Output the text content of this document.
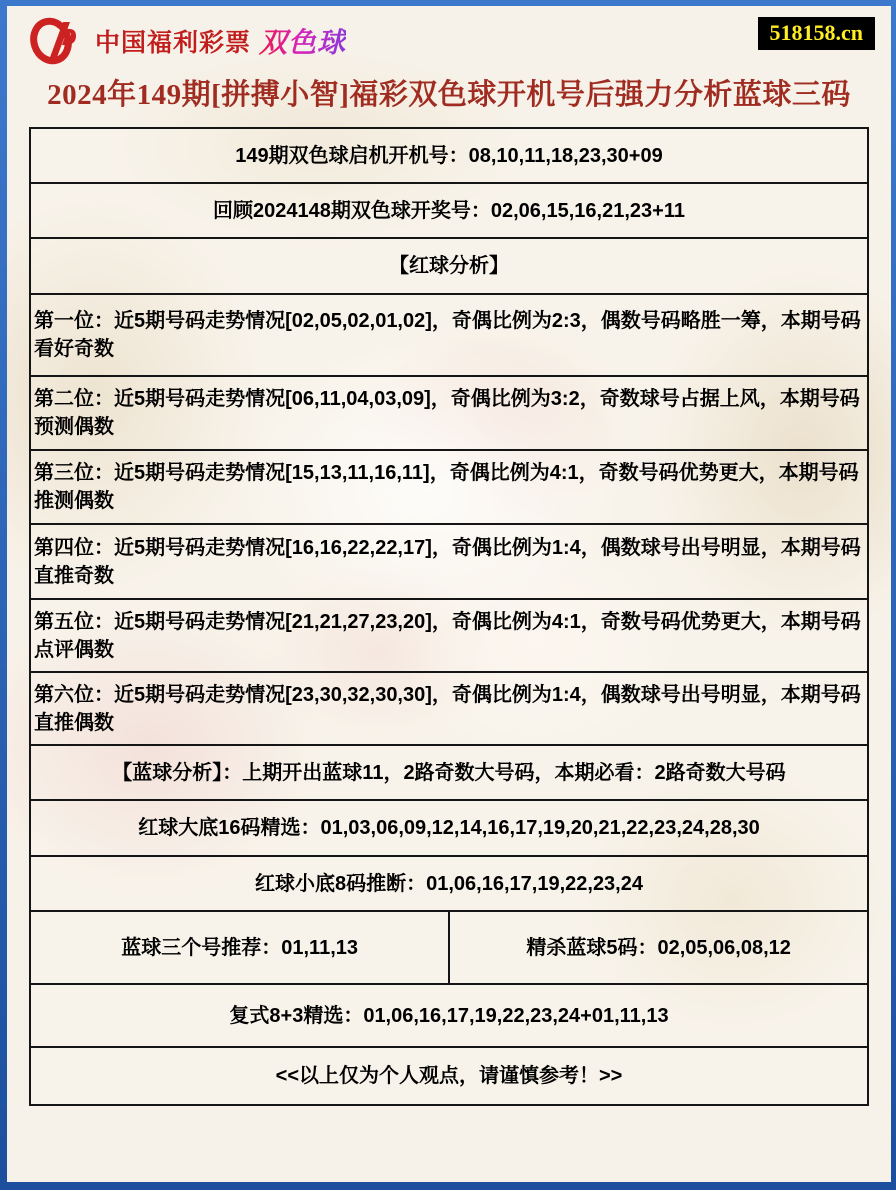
中国福利彩票 双色球	518158.cn
2024年149期[拼搏小智]福彩双色球开机号后强力分析蓝球三码
149期双色球启机开机号：08,10,11,18,23,30+09
回顾2024148期双色球开奖号：02,06,15,16,21,23+11
【红球分析】
第一位：近5期号码走势情况[02,05,02,01,02]，奇偶比例为2:3，偶数号码略胜一筹，本期号码看好奇数
第二位：近5期号码走势情况[06,11,04,03,09]，奇偶比例为3:2，奇数球号占据上风，本期号码预测偶数
第三位：近5期号码走势情况[15,13,11,16,11]，奇偶比例为4:1，奇数号码优势更大，本期号码推测偶数
第四位：近5期号码走势情况[16,16,22,22,17]，奇偶比例为1:4，偶数球号出号明显，本期号码直推奇数
第五位：近5期号码走势情况[21,21,27,23,20]，奇偶比例为4:1，奇数号码优势更大，本期号码点评偶数
第六位：近5期号码走势情况[23,30,32,30,30]，奇偶比例为1:4，偶数球号出号明显，本期号码直推偶数
【蓝球分析】：上期开出蓝球11，2路奇数大号码，本期必看：2路奇数大号码
红球大底16码精选：01,03,06,09,12,14,16,17,19,20,21,22,23,24,28,30
红球小底8码推断：01,06,16,17,19,22,23,24
蓝球三个号推荐：01,11,13	精杀蓝球5码：02,05,06,08,12
复式8+3精选：01,06,16,17,19,22,23,24+01,11,13
<<以上仅为个人观点，请谨慎参考！>>
